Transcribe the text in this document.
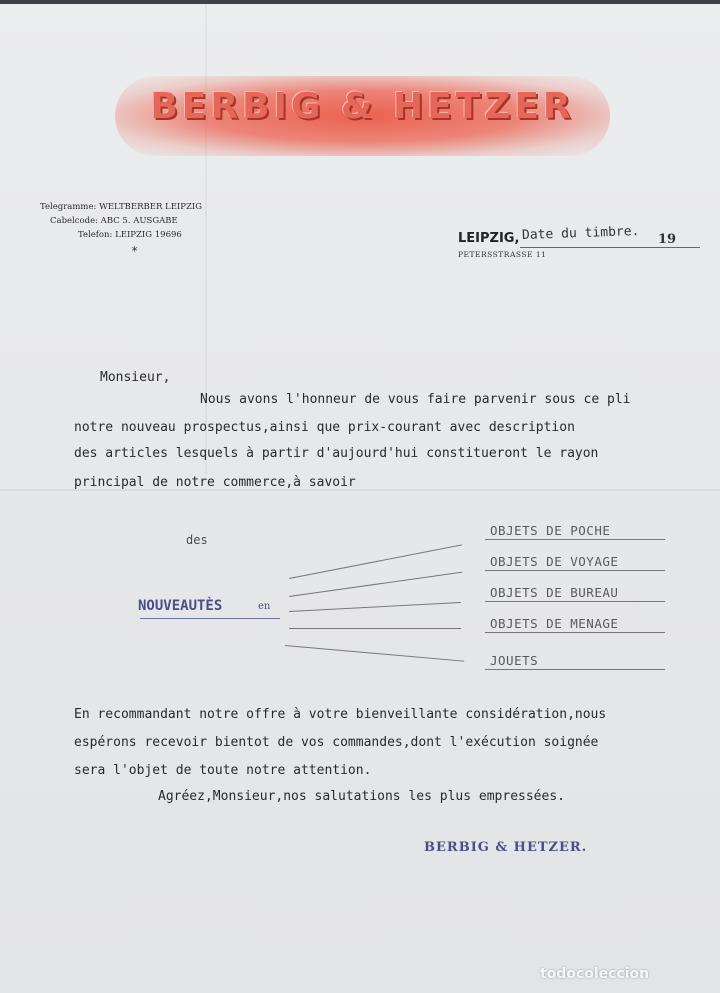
BERBIG & HETZER
Telegramme: WELTBERBER LEIPZIG
Cabelcode: ABC 5. AUSGABE
Telefon: LEIPZIG 19696
*
LEIPZIG, Date du timbre. 19
PETERSSTRASSE 11
Monsieur,
Nous avons l'honneur de vous faire parvenir sous ce pli
notre nouveau prospectus,ainsi que prix-courant avec description
des articles lesquels à partir d'aujourd'hui constitueront le rayon
principal de notre commerce,à savoir
des
OBJETS DE POCHE
OBJETS DE VOYAGE
OBJETS DE BUREAU
OBJETS DE MENAGE
JOUETS
NOUVEAUTÈS	en
En recommandant notre offre à votre bienveillante considération,nous
espérons recevoir bientot de vos commandes,dont l'exécution soignée
sera l'objet de toute notre attention.
Agréez,Monsieur,nos salutations les plus empressées.
BERBIG & HETZER.
todocoleccion
